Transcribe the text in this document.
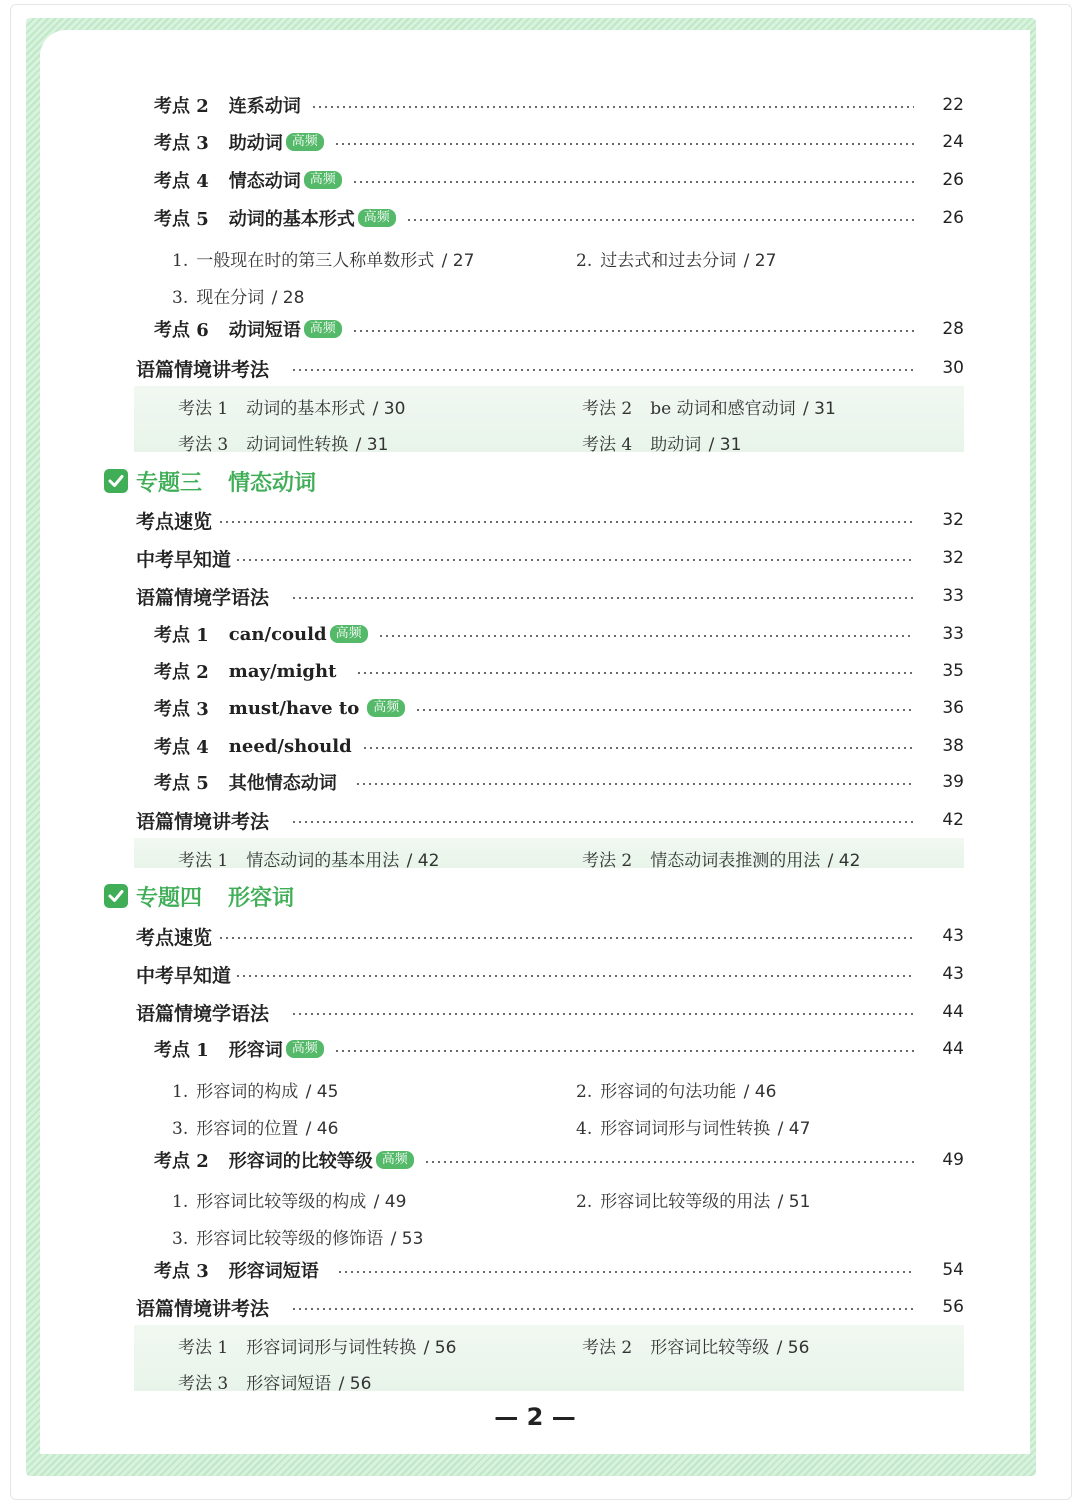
考点 2 连系动词	22
考点 3 助动词 高频	24
考点 4 情态动词 高频	26
考点 5 动词的基本形式 高频	26
1. 一般现在时的第三人称单数形式 / 27	2. 过去式和过去分词 / 27
3. 现在分词 / 28
考点 6 动词短语 高频	28
语篇情境讲考法	30
考法 1 动词的基本形式 / 30	考法 2 be 动词和感官动词 / 31
考法 3 动词词性转换 / 31	考法 4 助动词 / 31
专题三 情态动词
考点速览	32
中考早知道	32
语篇情境学语法	33
考点 1 can/could 高频	33
考点 2 may/might	35
考点 3 must/have to	高频	36
考点 4 need/should	38
考点 5 其他情态动词	39
语篇情境讲考法	42
考法 1 情态动词的基本用法 / 42	考法 2 情态动词表推测的用法 / 42
专题四 形容词
考点速览	43
中考早知道	43
语篇情境学语法	44
考点 1 形容词 高频	44
1. 形容词的构成 / 45	2. 形容词的句法功能 / 46
3. 形容词的位置 / 46	4. 形容词词形与词性转换 / 47
考点 2 形容词的比较等级 高频	49
1. 形容词比较等级的构成 / 49	2. 形容词比较等级的用法 / 51
3. 形容词比较等级的修饰语 / 53
考点 3 形容词短语	54
语篇情境讲考法	56
考法 1 形容词词形与词性转换 / 56	考法 2 形容词比较等级 / 56
考法 3 形容词短语 / 56
— 2 —
